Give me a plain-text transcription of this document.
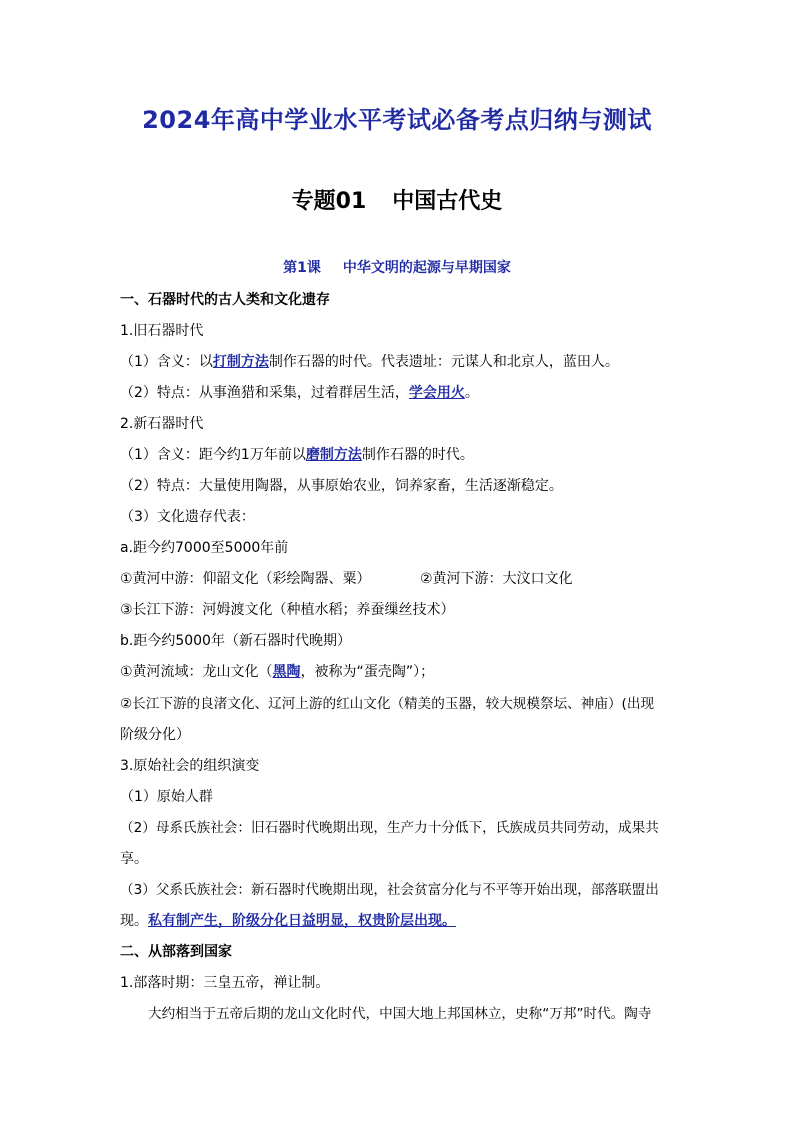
2024年高中学业水平考试必备考点归纳与测试
专题01 中国古代史
第1课 中华文明的起源与早期国家
一、石器时代的古人类和文化遗存
1.旧石器时代
（1）含义：以打制方法制作石器的时代。代表遗址：元谋人和北京人，蓝田人。
（2）特点：从事渔猎和采集，过着群居生活，学会用火。
2.新石器时代
（1）含义：距今约1万年前以磨制方法制作石器的时代。
（2）特点：大量使用陶器，从事原始农业，饲养家畜，生活逐渐稳定。
（3）文化遗存代表：
a.距今约7000至5000年前
①黄河中游：仰韶文化（彩绘陶器、粟）	②黄河下游：大汶口文化
③长江下游：河姆渡文化（种植水稻；养蚕缫丝技术）
b.距今约5000年（新石器时代晚期）
①黄河流域：龙山文化（黑陶，被称为“蛋壳陶”）；
②长江下游的良渚文化、辽河上游的红山文化（精美的玉器，较大规模祭坛、神庙）(出现
阶级分化）
3.原始社会的组织演变
（1）原始人群
（2）母系氏族社会：旧石器时代晚期出现，生产力十分低下，氏族成员共同劳动，成果共
享。
（3）父系氏族社会：新石器时代晚期出现，社会贫富分化与不平等开始出现，部落联盟出
现。私有制产生，阶级分化日益明显，权贵阶层出现。
二、从部落到国家
1.部落时期：三皇五帝，禅让制。
大约相当于五帝后期的龙山文化时代，中国大地上邦国林立，史称“万邦”时代。陶寺
